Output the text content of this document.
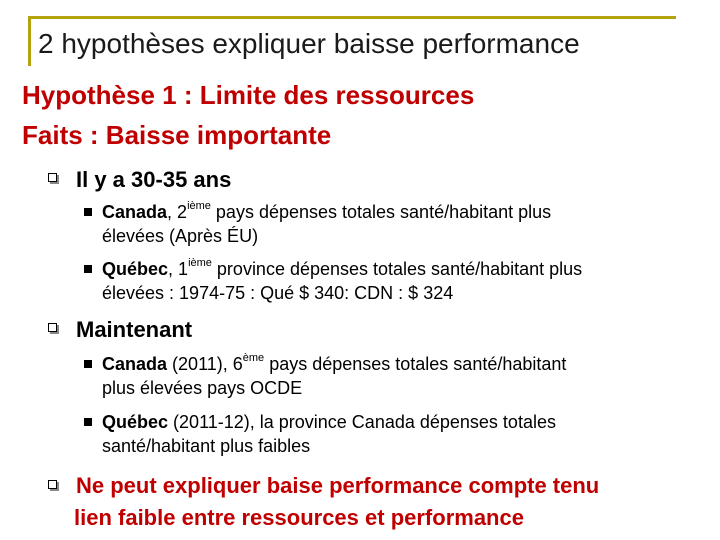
2 hypothèses expliquer baisse performance
Hypothèse 1 : Limite des ressources
Faits : Baisse importante
Il y a 30-35 ans
Canada, 2ième pays dépenses totales santé/habitant plus
élevées (Après ÉU)
Québec, 1ième province dépenses totales santé/habitant plus
élevées : 1974-75 : Qué $ 340: CDN : $ 324
Maintenant
Canada (2011), 6ème pays dépenses totales santé/habitant
plus élevées pays OCDE
Québec (2011-12), la province Canada dépenses totales
santé/habitant plus faibles
Ne peut expliquer baise performance compte tenu
lien faible entre ressources et performance
